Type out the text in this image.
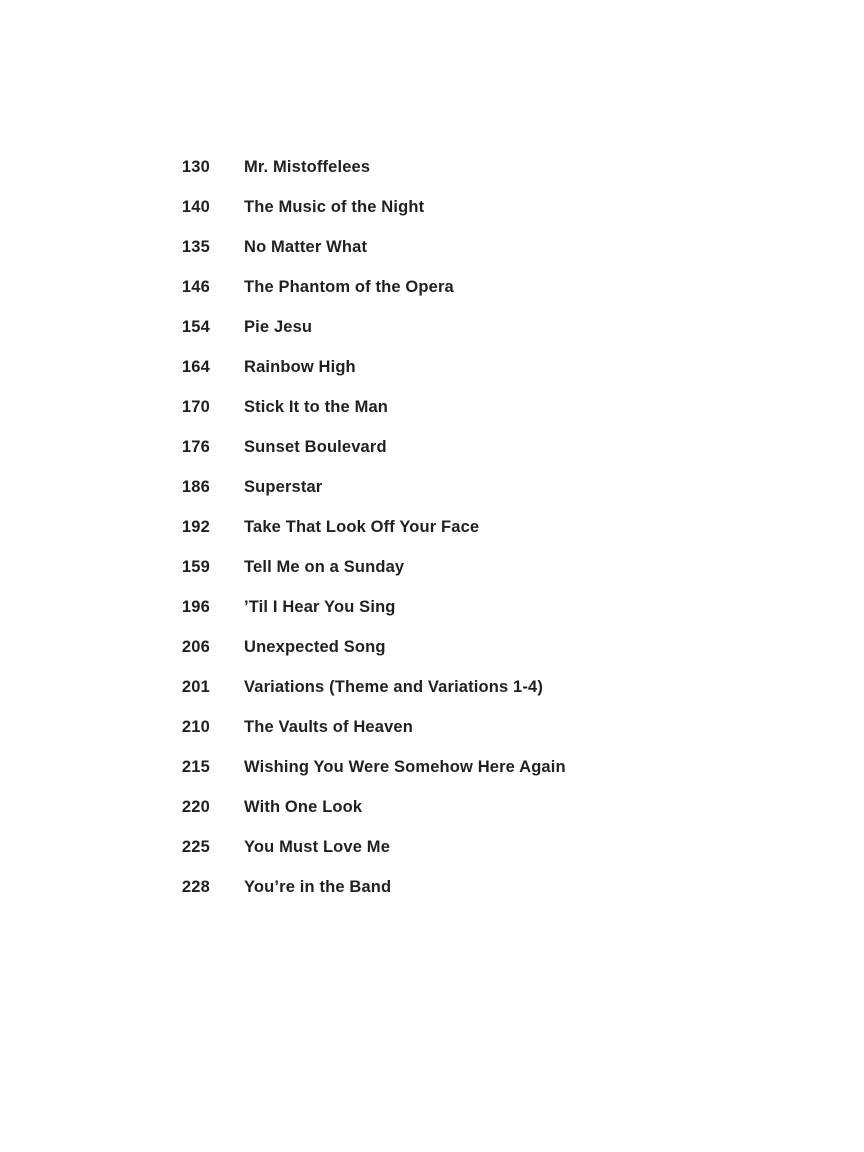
130	Mr. Mistoffelees
140	The Music of the Night
135	No Matter What
146	The Phantom of the Opera
154	Pie Jesu
164	Rainbow High
170	Stick It to the Man
176	Sunset Boulevard
186	Superstar
192	Take That Look Off Your Face
159	Tell Me on a Sunday
196	’Til I Hear You Sing
206	Unexpected Song
201	Variations (Theme and Variations 1-4)
210	The Vaults of Heaven
215	Wishing You Were Somehow Here Again
220	With One Look
225	You Must Love Me
228	You’re in the Band
